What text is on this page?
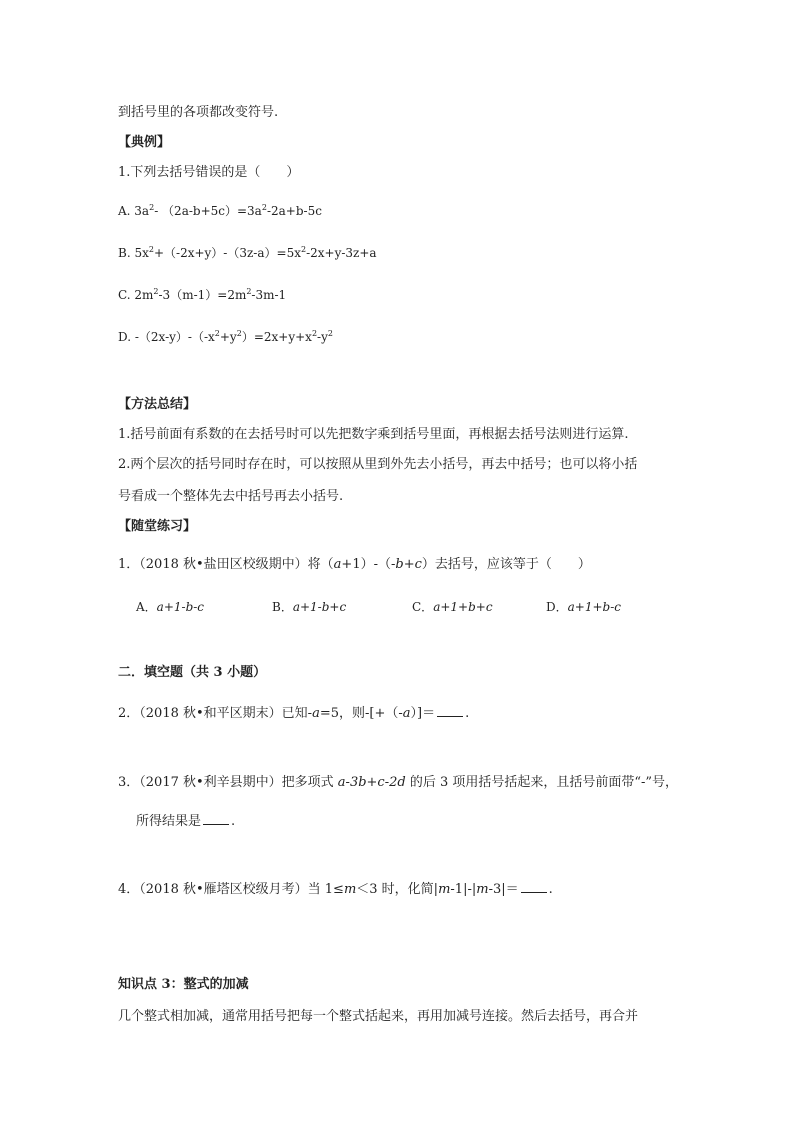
到括号里的各项都改变符号.
【典例】
1.下列去括号错误的是（　　）
A. $3a^2-$ $(2a-b+5c)=3a^2-2a+b-5c$
B. $5x^2+(-2x+y)-(3z-a)=5x^2-2x+y-3z+a$
C. $2m^2-3(m-1)=2m^2-3m-1$
D. $-(2x-y)-(-x^2+y^2)=2x+y+x^2-y^2$
【方法总结】
1.括号前面有系数的在去括号时可以先把数字乘到括号里面，再根据去括号法则进行运算.
2.两个层次的括号同时存在时，可以按照从里到外先去小括号，再去中括号；也可以将小括
号看成一个整体先去中括号再去小括号.
【随堂练习】
1．（2018 秋•盐田区校级期中）将（a+1）-（-b+c）去括号，应该等于（　　）
A．a+1-b-c	B．a+1-b+c	C．a+1+b+c	D．a+1+b-c
二．填空题（共 3 小题）
2．（2018 秋•和平区期末）已知-a=5，则-[+（-a）]＝ .
3．（2017 秋•利辛县期中）把多项式 a-3b+c-2d 的后 3 项用括号括起来，且括号前面带“-”号，
所得结果是 .
4．（2018 秋•雁塔区校级月考）当 1≤m＜3 时，化简|m-1|-|m-3|＝ .
知识点 3：整式的加减
几个整式相加减，通常用括号把每一个整式括起来，再用加减号连接。然后去括号，再合并
